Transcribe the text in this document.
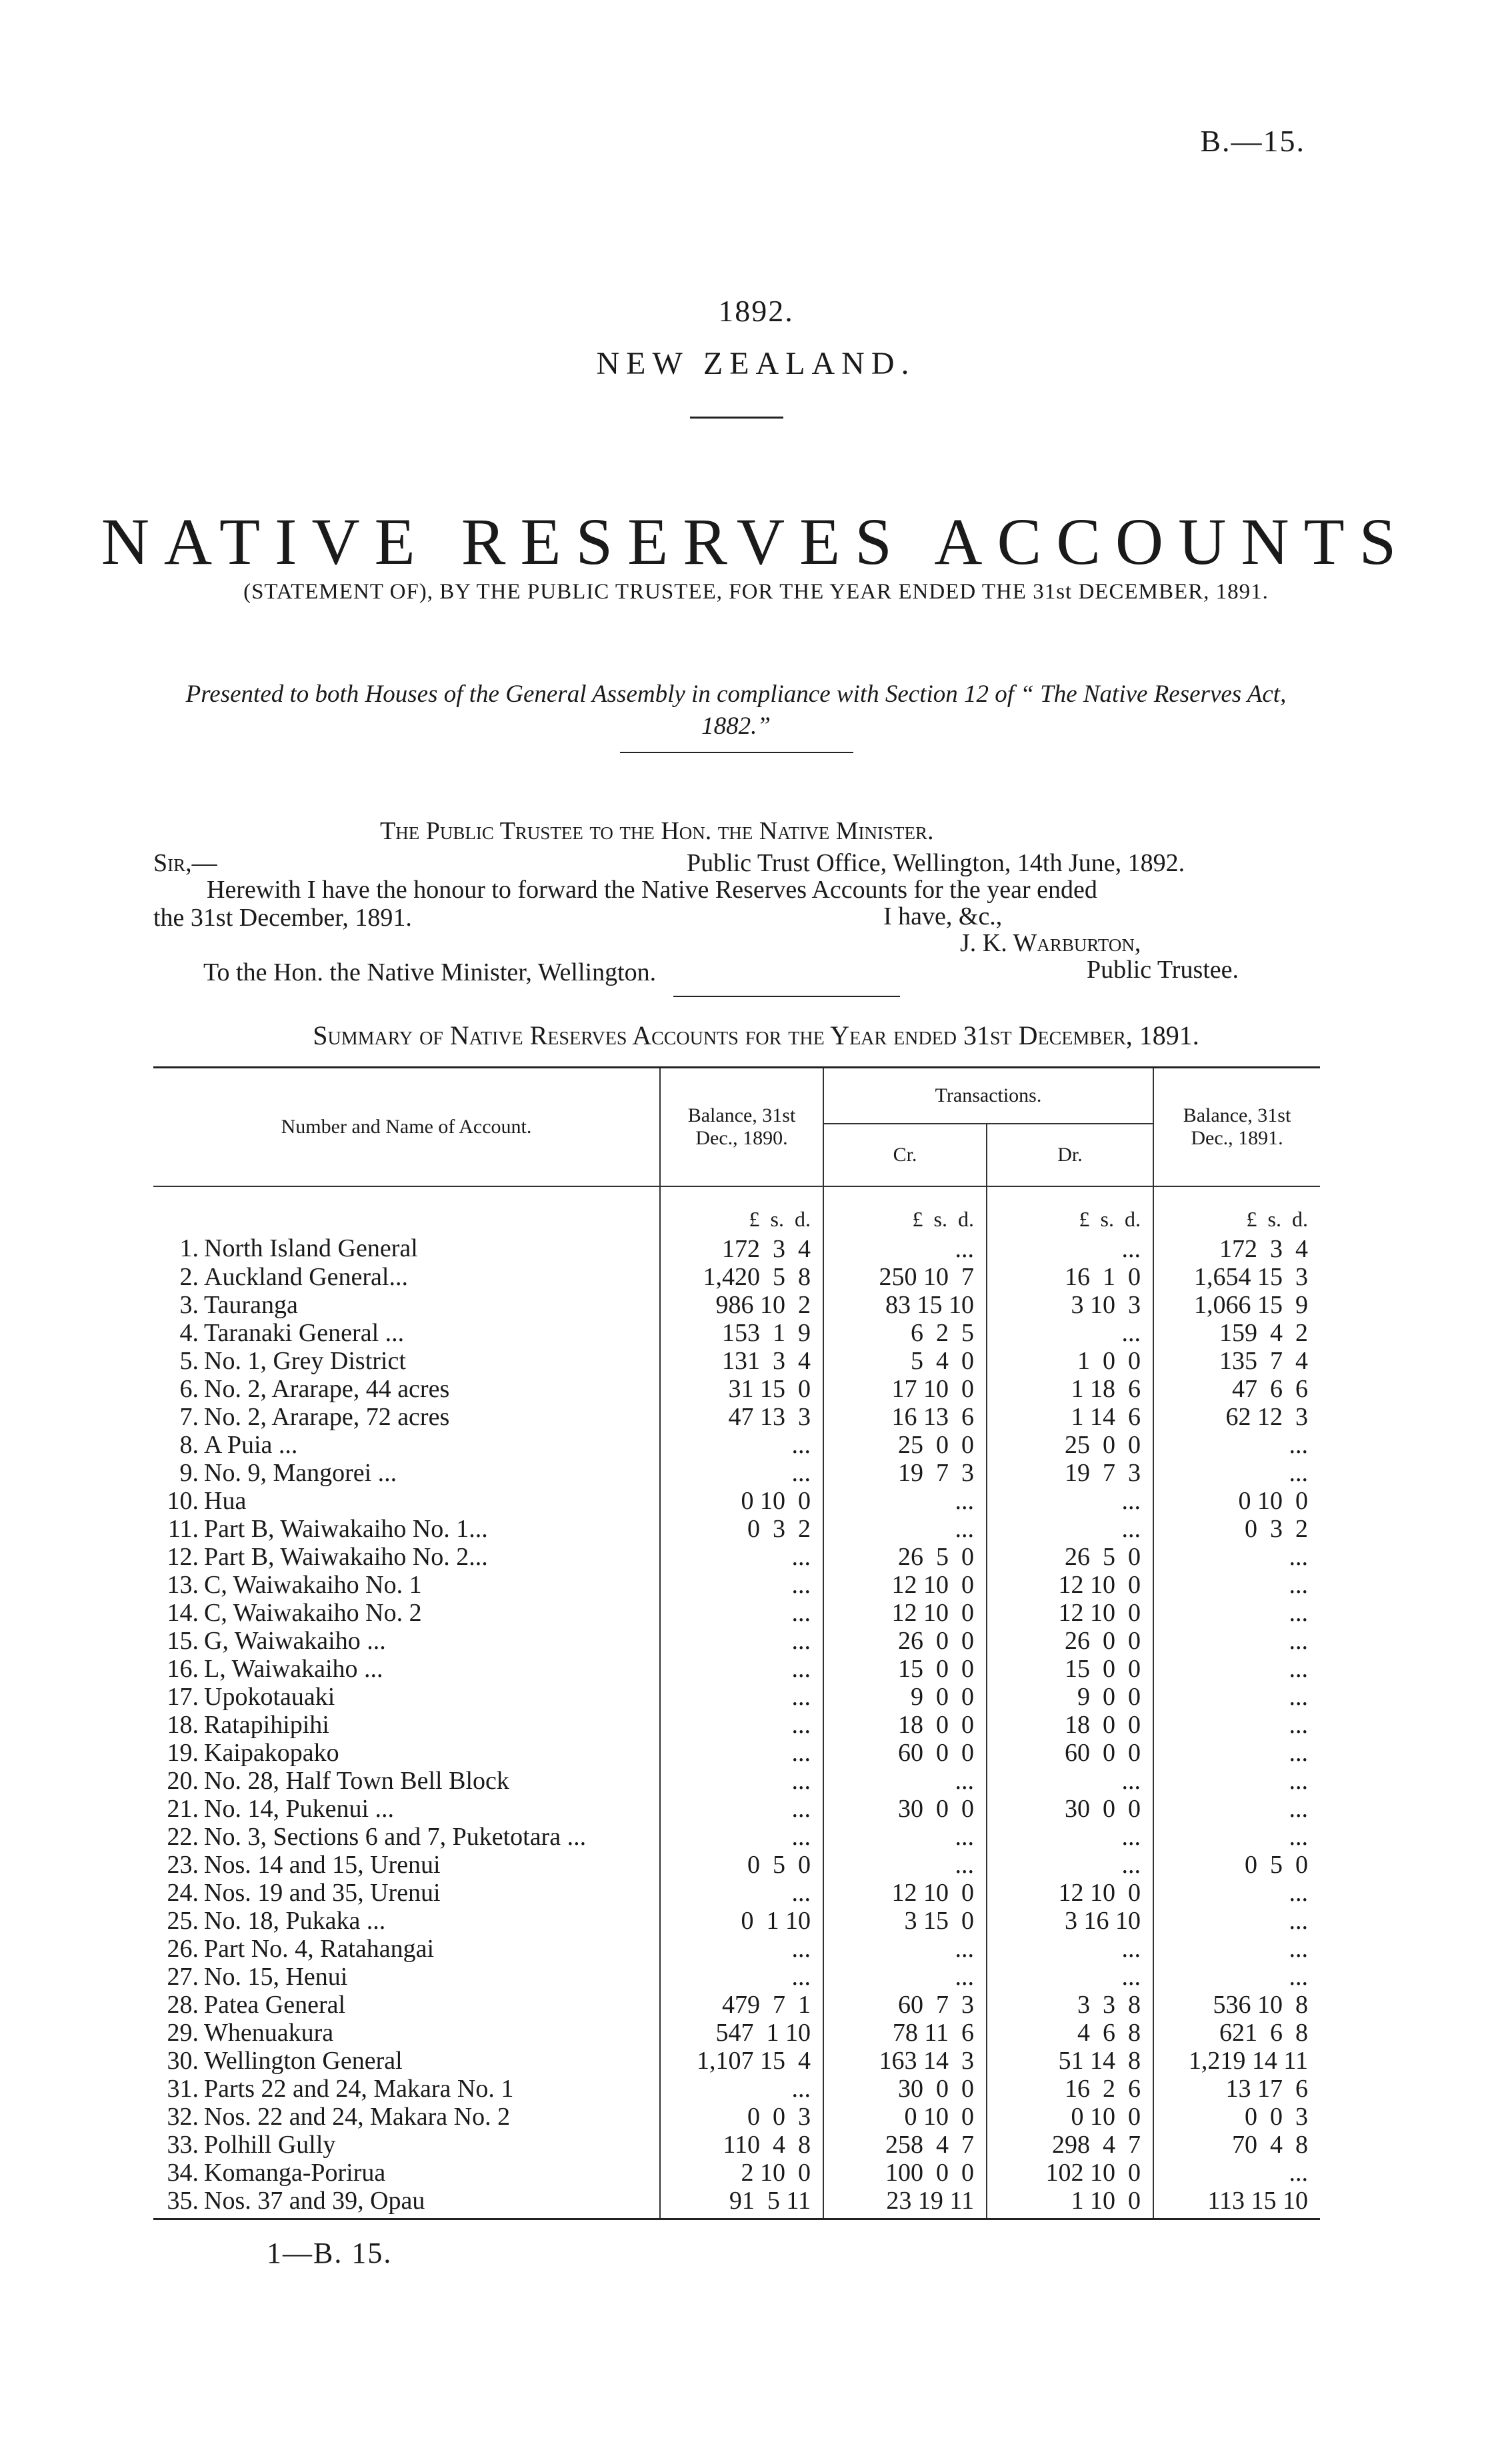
B.—15.
1892.
NEW ZEALAND.
NATIVE RESERVES ACCOUNTS
(STATEMENT OF), BY THE PUBLIC TRUSTEE, FOR THE YEAR ENDED THE 31st DECEMBER, 1891.
Presented to both Houses of the General Assembly in compliance with Section 12 of “ The Native Reserves Act, 1882.”
The Public Trustee to the Hon. the Native Minister.
Sir,—	Public Trust Office, Wellington, 14th June, 1892.
Herewith I have the honour to forward the Native Reserves Accounts for the year ended
the 31st December, 1891.	I have, &c.,
J. K. Warburton,
To the Hon. the Native Minister, Wellington.	Public Trustee.
Summary of Native Reserves Accounts for the Year ended 31st December, 1891.
Number and Name of Account.	Balance, 31st Dec., 1890.	Transactions.		Balance, 31st Dec., 1891.
		Cr.	Dr.	
	£  s.  d.	£  s.  d.	£  s.  d.	£  s.  d.
1. North Island General	172  3  4	...	...	172  3  4
2. Auckland General...	1,420  5  8	250 10  7	16  1  0	1,654 15  3
3. Tauranga	986 10  2	83 15 10	3 10  3	1,066 15  9
4. Taranaki General ...	153  1  9	6  2  5	...	159  4  2
5. No. 1, Grey District	131  3  4	5  4  0	1  0  0	135  7  4
6. No. 2, Ararape, 44 acres	31 15  0	17 10  0	1 18  6	47  6  6
7. No. 2, Ararape, 72 acres	47 13  3	16 13  6	1 14  6	62 12  3
8. A Puia ...	...	25  0  0	25  0  0	...
9. No. 9, Mangorei ...	...	19  7  3	19  7  3	...
10. Hua	0 10  0	...	...	0 10  0
11. Part B, Waiwakaiho No. 1...	0  3  2	...	...	0  3  2
12. Part B, Waiwakaiho No. 2...	...	26  5  0	26  5  0	...
13. C, Waiwakaiho No. 1	...	12 10  0	12 10  0	...
14. C, Waiwakaiho No. 2	...	12 10  0	12 10  0	...
15. G, Waiwakaiho ...	...	26  0  0	26  0  0	...
16. L, Waiwakaiho ...	...	15  0  0	15  0  0	...
17. Upokotauaki	...	9  0  0	9  0  0	...
18. Ratapihipihi	...	18  0  0	18  0  0	...
19. Kaipakopako	...	60  0  0	60  0  0	...
20. No. 28, Half Town Bell Block	...	...	...	...
21. No. 14, Pukenui ...	...	30  0  0	30  0  0	...
22. No. 3, Sections 6 and 7, Puketotara ...	...	...	...	...
23. Nos. 14 and 15, Urenui	0  5  0	...	...	0  5  0
24. Nos. 19 and 35, Urenui	...	12 10  0	12 10  0	...
25. No. 18, Pukaka ...	0  1 10	3 15  0	3 16 10	...
26. Part No. 4, Ratahangai	...	...	...	...
27. No. 15, Henui	...	...	...	...
28. Patea General	479  7  1	60  7  3	3  3  8	536 10  8
29. Whenuakura	547  1 10	78 11  6	4  6  8	621  6  8
30. Wellington General	1,107 15  4	163 14  3	51 14  8	1,219 14 11
31. Parts 22 and 24, Makara No. 1	...	30  0  0	16  2  6	13 17  6
32. Nos. 22 and 24, Makara No. 2	0  0  3	0 10  0	0 10  0	0  0  3
33. Polhill Gully	110  4  8	258  4  7	298  4  7	70  4  8
34. Komanga-Porirua	2 10  0	100  0  0	102 10  0	...
35. Nos. 37 and 39, Opau	91  5 11	23 19 11	1 10  0	113 15 10
1—B. 15.
